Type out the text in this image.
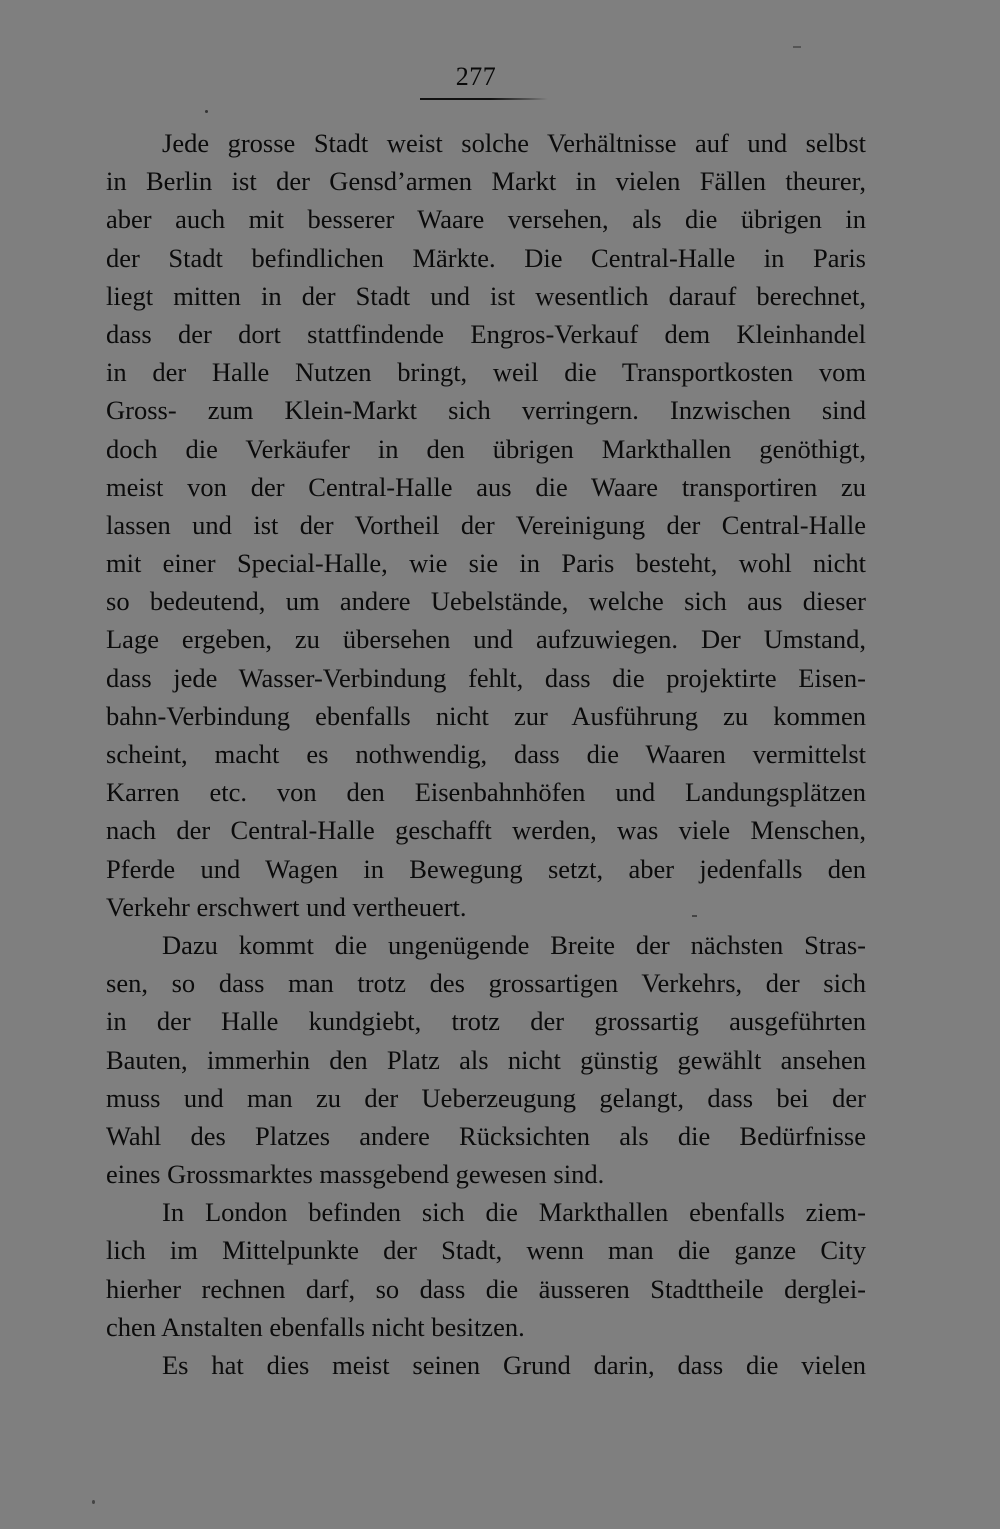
277
Jede grosse Stadt weist solche Verhältnisse auf und selbst
in Berlin ist der Gensd’armen Markt in vielen Fällen theurer,
aber auch mit besserer Waare versehen, als die übrigen in
der Stadt befindlichen Märkte. Die Central-Halle in Paris
liegt mitten in der Stadt und ist wesentlich darauf berechnet,
dass der dort stattfindende Engros-Verkauf dem Kleinhandel
in der Halle Nutzen bringt, weil die Transportkosten vom
Gross- zum Klein-Markt sich verringern. Inzwischen sind
doch die Verkäufer in den übrigen Markthallen genöthigt,
meist von der Central-Halle aus die Waare transportiren zu
lassen und ist der Vortheil der Vereinigung der Central-Halle
mit einer Special-Halle, wie sie in Paris besteht, wohl nicht
so bedeutend, um andere Uebelstände, welche sich aus dieser
Lage ergeben, zu übersehen und aufzuwiegen. Der Umstand,
dass jede Wasser-Verbindung fehlt, dass die projektirte Eisen-
bahn-Verbindung ebenfalls nicht zur Ausführung zu kommen
scheint, macht es nothwendig, dass die Waaren vermittelst
Karren etc. von den Eisenbahnhöfen und Landungsplätzen
nach der Central-Halle geschafft werden, was viele Menschen,
Pferde und Wagen in Bewegung setzt, aber jedenfalls den
Verkehr erschwert und vertheuert.
Dazu kommt die ungenügende Breite der nächsten Stras-
sen, so dass man trotz des grossartigen Verkehrs, der sich
in der Halle kundgiebt, trotz der grossartig ausgeführten
Bauten, immerhin den Platz als nicht günstig gewählt ansehen
muss und man zu der Ueberzeugung gelangt, dass bei der
Wahl des Platzes andere Rücksichten als die Bedürfnisse
eines Grossmarktes massgebend gewesen sind.
In London befinden sich die Markthallen ebenfalls ziem-
lich im Mittelpunkte der Stadt, wenn man die ganze City
hierher rechnen darf, so dass die äusseren Stadttheile derglei-
chen Anstalten ebenfalls nicht besitzen.
Es hat dies meist seinen Grund darin, dass die vielen
